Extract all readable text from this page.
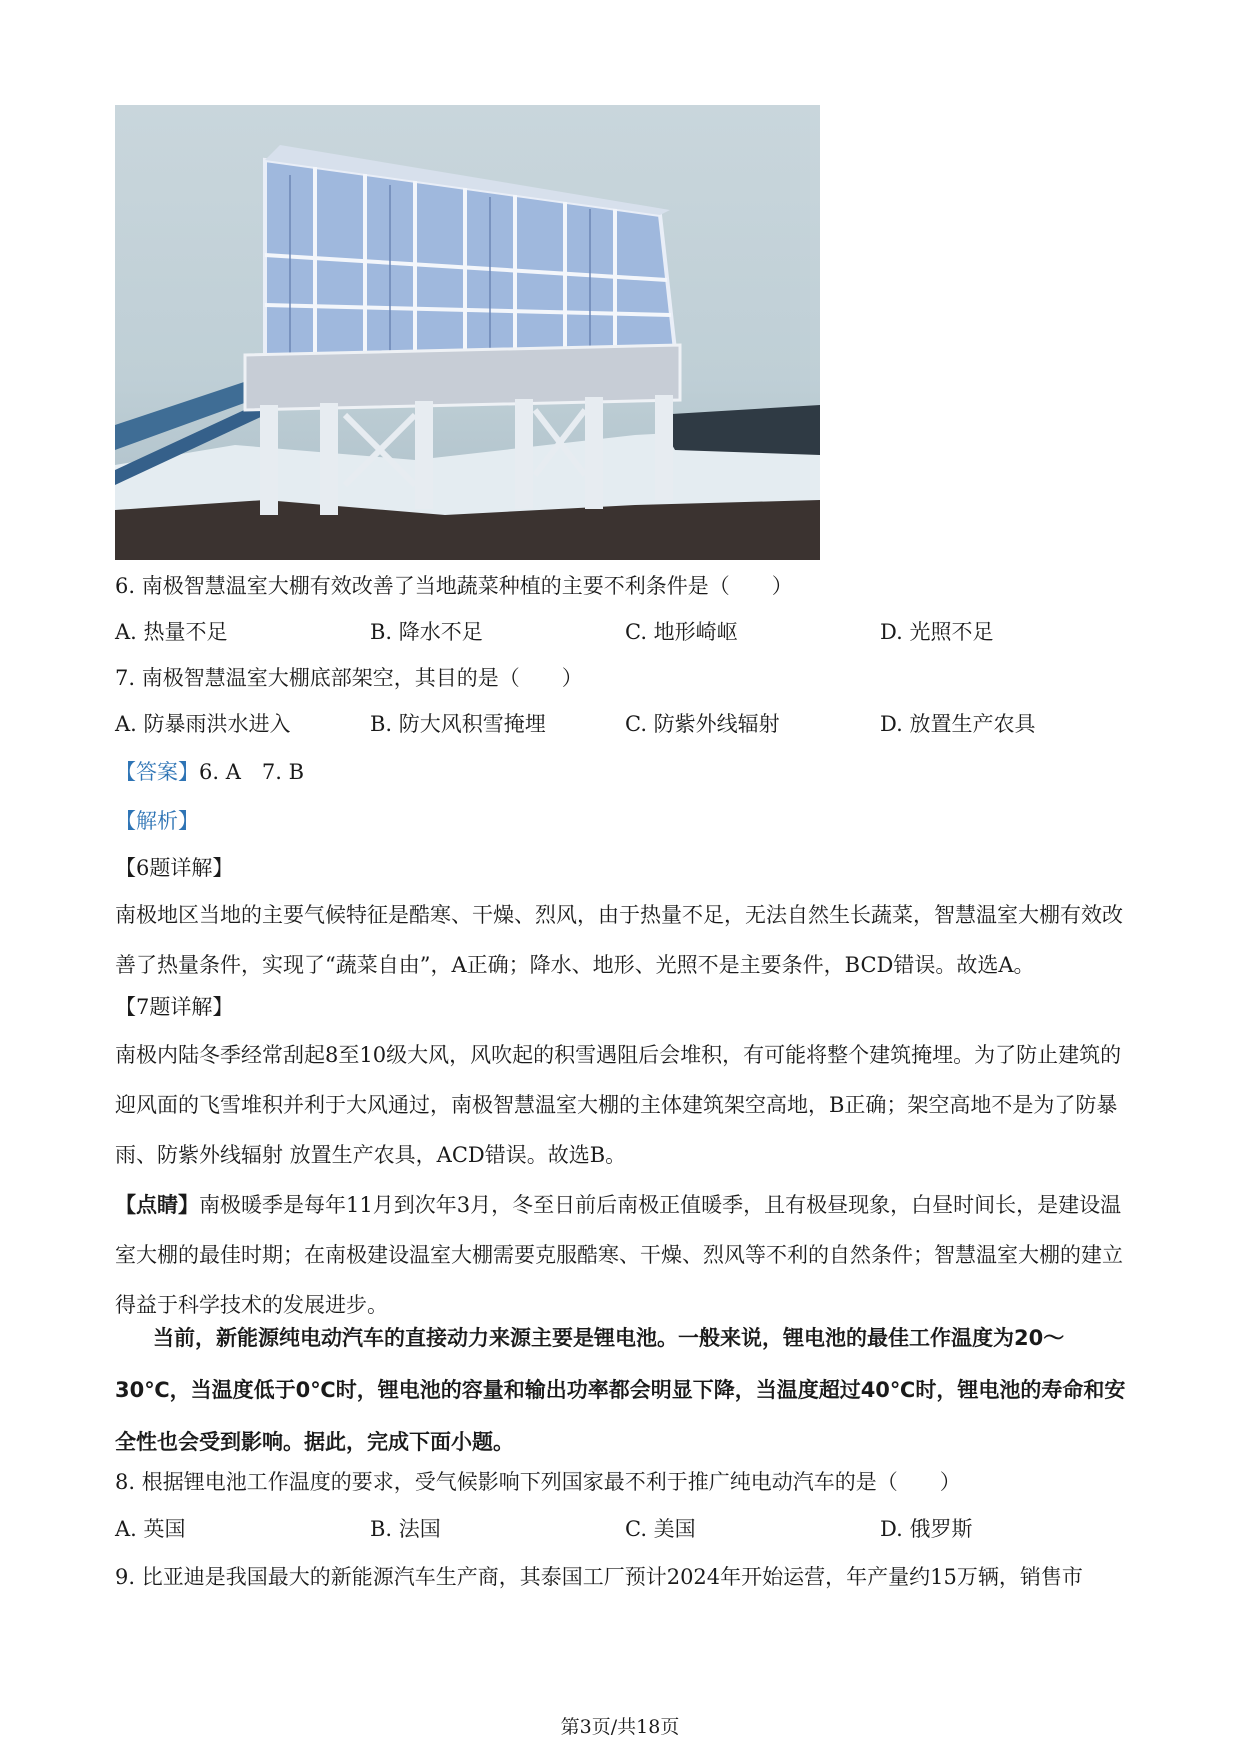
6. 南极智慧温室大棚有效改善了当地蔬菜种植的主要不利条件是（　　）
A. 热量不足	B. 降水不足	C. 地形崎岖	D. 光照不足
7. 南极智慧温室大棚底部架空，其目的是（　　）
A. 防暴雨洪水进入	B. 防大风积雪掩埋	C. 防紫外线辐射	D. 放置生产农具
【答案】6. A　7. B
【解析】
【6题详解】
南极地区当地的主要气候特征是酷寒、干燥、烈风，由于热量不足，无法自然生长蔬菜，智慧温室大棚有效改善了热量条件，实现了“蔬菜自由”，A正确；降水、地形、光照不是主要条件，BCD错误。故选A。
【7题详解】
南极内陆冬季经常刮起8至10级大风，风吹起的积雪遇阻后会堆积，有可能将整个建筑掩埋。为了防止建筑的迎风面的飞雪堆积并利于大风通过，南极智慧温室大棚的主体建筑架空高地，B正确；架空高地不是为了防暴雨、防紫外线辐射 放置生产农具，ACD错误。故选B。
【点睛】南极暖季是每年11月到次年3月，冬至日前后南极正值暖季，且有极昼现象，白昼时间长，是建设温室大棚的最佳时期；在南极建设温室大棚需要克服酷寒、干燥、烈风等不利的自然条件；智慧温室大棚的建立得益于科学技术的发展进步。
当前，新能源纯电动汽车的直接动力来源主要是锂电池。一般来说，锂电池的最佳工作温度为20～30℃，当温度低于0℃时，锂电池的容量和输出功率都会明显下降，当温度超过40℃时，锂电池的寿命和安全性也会受到影响。据此，完成下面小题。
8. 根据锂电池工作温度的要求，受气候影响下列国家最不利于推广纯电动汽车的是（　　）
A. 英国	B. 法国	C. 美国	D. 俄罗斯
9. 比亚迪是我国最大的新能源汽车生产商，其泰国工厂预计2024年开始运营，年产量约15万辆，销售市
第3页/共18页
